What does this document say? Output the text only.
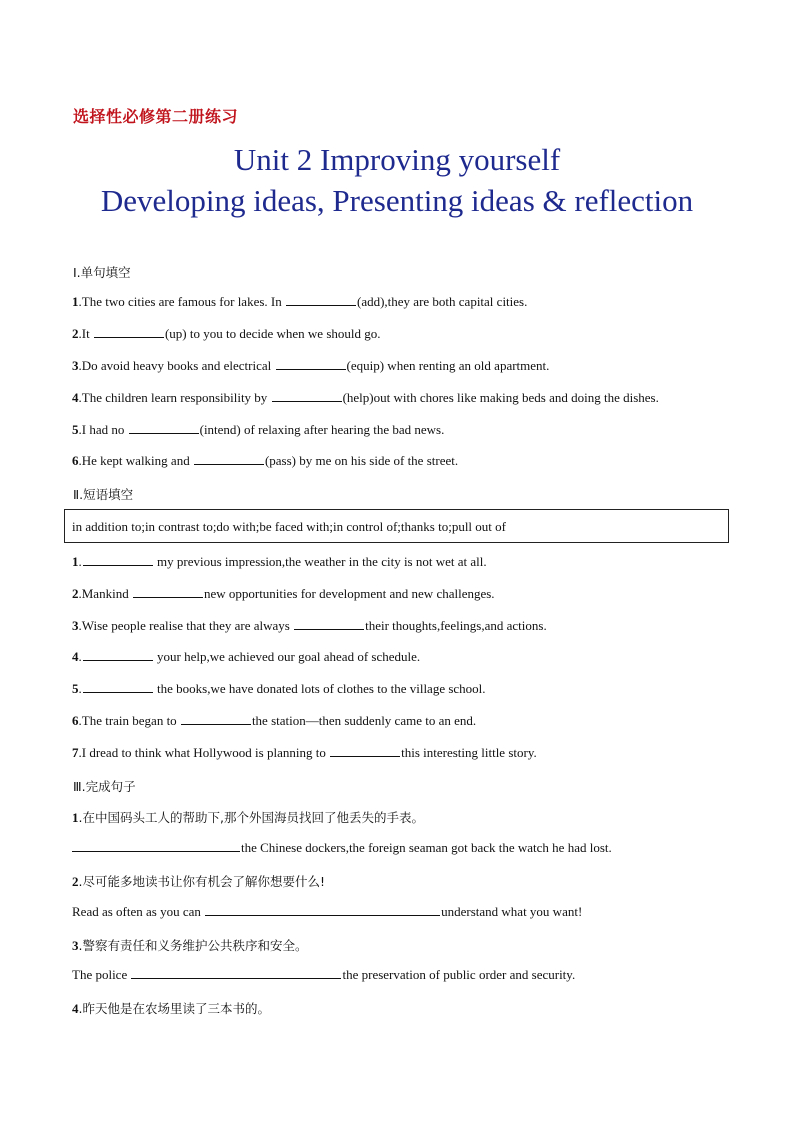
选择性必修第二册练习
Unit 2 Improving yourself
Developing ideas, Presenting ideas & reflection
Ⅰ.单句填空
1.The two cities are famous for lakes. In	(add),they are both capital cities.
2.It	(up) to you to decide when we should go.
3.Do avoid heavy books and electrical	(equip) when renting an old apartment.
4.The children learn responsibility by	(help)out with chores like making beds and doing the dishes.
5.I had no	(intend) of relaxing after hearing the bad news.
6.He kept walking and	(pass) by me on his side of the street.
Ⅱ.短语填空
in addition to;in contrast to;do with;be faced with;in control of;thanks to;pull out of
1.	my previous impression,the weather in the city is not wet at all.
2.Mankind	new opportunities for development and new challenges.
3.Wise people realise that they are always	their thoughts,feelings,and actions.
4.	your help,we achieved our goal ahead of schedule.
5.	the books,we have donated lots of clothes to the village school.
6.The train began to	the station—then suddenly came to an end.
7.I dread to think what Hollywood is planning to	this interesting little story.
Ⅲ.完成句子
1.在中国码头工人的帮助下,那个外国海员找回了他丢失的手表。
the Chinese dockers,the foreign seaman got back the watch he had lost.
2.尽可能多地读书让你有机会了解你想要什么!
Read as often as you can	understand what you want!
3.警察有责任和义务维护公共秩序和安全。
The police	the preservation of public order and security.
4.昨天他是在农场里读了三本书的。
